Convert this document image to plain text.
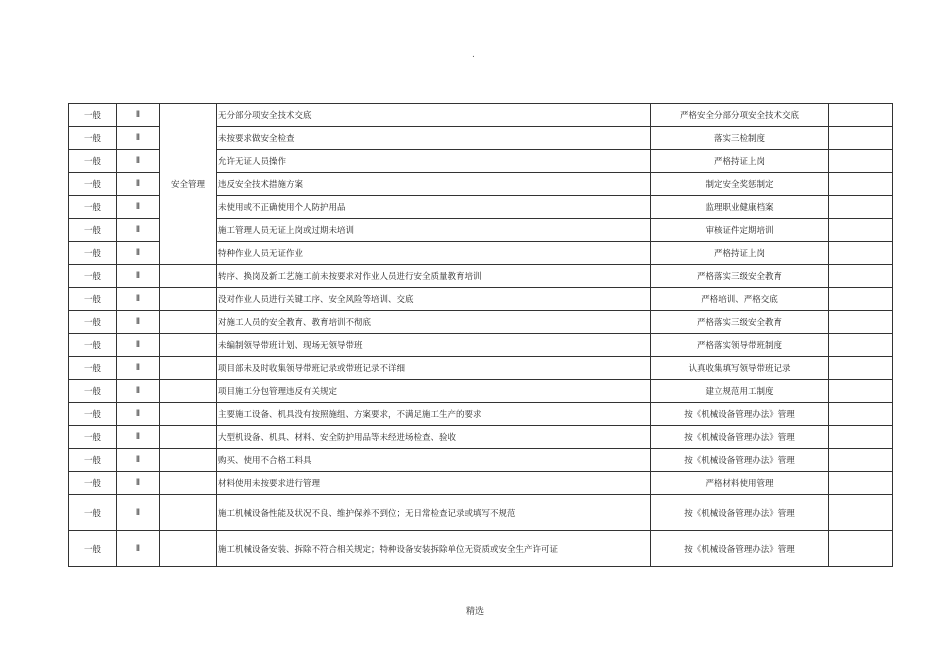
.
一般	Ⅱ	安全管理	无分部分项安全技术交底	严格安全分部分项安全技术交底	
一般	Ⅱ		未按要求做安全检查	落实三检制度	
一般	Ⅱ		允许无证人员操作	严格持证上岗	
一般	Ⅱ		违反安全技术措施方案	制定安全奖惩制定	
一般	Ⅱ		未使用或不正确使用个人防护用品	监理职业健康档案	
一般	Ⅱ		施工管理人员无证上岗或过期未培训	审核证件定期培训	
一般	Ⅱ		特种作业人员无证作业	严格持证上岗	
一般	Ⅱ		转序、换岗及新工艺施工前未按要求对作业人员进行安全质量教育培训	严格落实三级安全教育	
一般	Ⅱ		没对作业人员进行关键工序、安全风险等培训、交底	严格培训、严格交底	
一般	Ⅱ		对施工人员的安全教育、教育培训不彻底	严格落实三级安全教育	
一般	Ⅱ		未编制领导带班计划、现场无领导带班	严格落实领导带班制度	
一般	Ⅱ		项目部未及时收集领导带班记录或带班记录不详细	认真收集填写领导带班记录	
一般	Ⅱ		项目施工分包管理违反有关规定	建立规范用工制度	
一般	Ⅱ		主要施工设备、机具没有按照施组、方案要求，不满足施工生产的要求	按《机械设备管理办法》管理	
一般	Ⅱ		大型机设备、机具、材料、安全防护用品等未经进场检查、验收	按《机械设备管理办法》管理	
一般	Ⅱ		购买、使用不合格工料具	按《机械设备管理办法》管理	
一般	Ⅱ		材料使用未按要求进行管理	严格材料使用管理	
一般	Ⅱ		施工机械设备性能及状况不良、维护保养不到位；无日常检查记录或填写不规范	按《机械设备管理办法》管理	
一般	Ⅱ		施工机械设备安装、拆除不符合相关规定；特种设备安装拆除单位无资质或安全生产许可证	按《机械设备管理办法》管理	
精选
